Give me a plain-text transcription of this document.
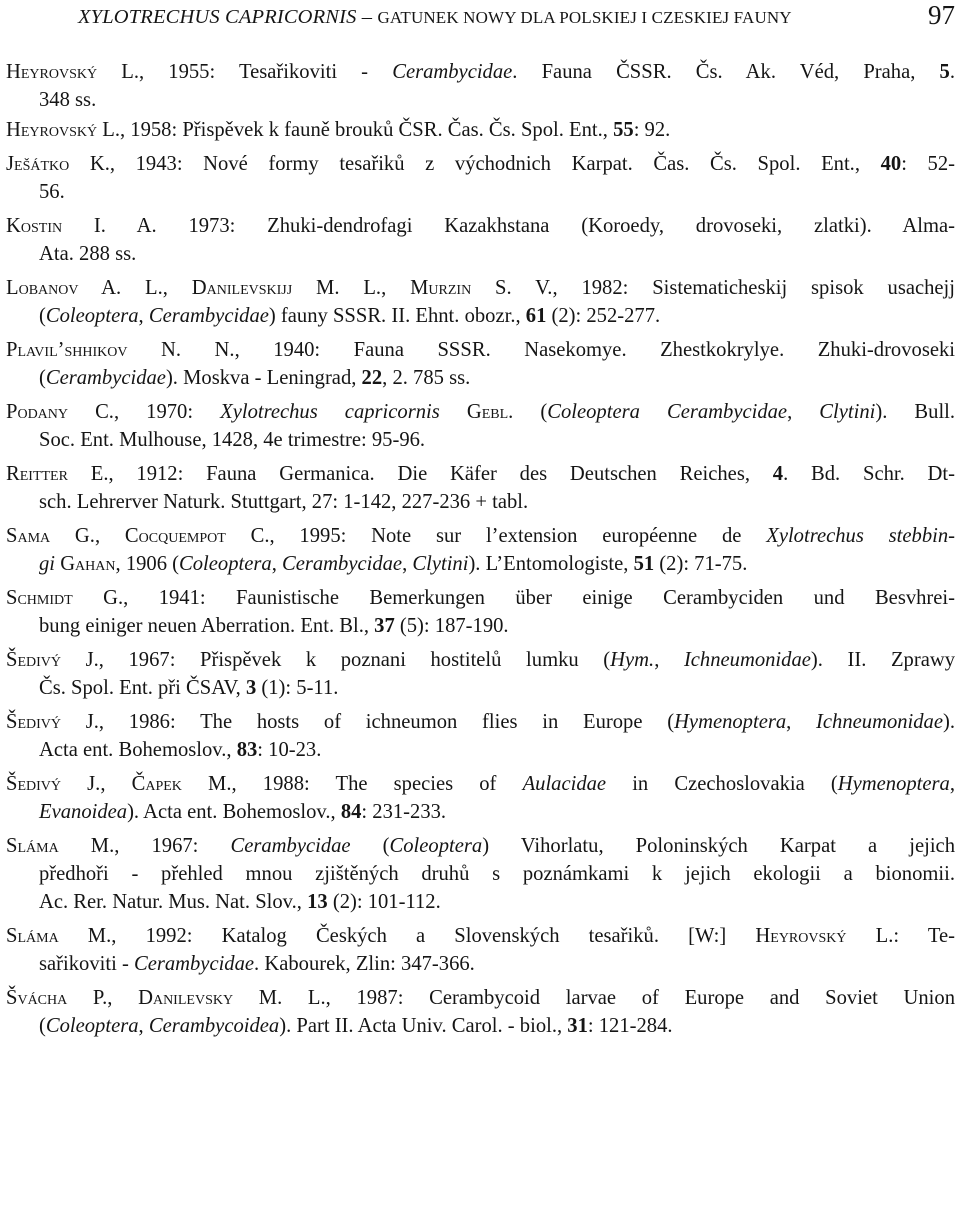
XYLOTRECHUS CAPRICORNIS – GATUNEK NOWY DLA POLSKIEJ I CZESKIEJ FAUNY	97
Heyrovský L., 1955: Tesařikoviti - Cerambycidae. Fauna ČSSR. Čs. Ak. Véd, Praha, 5.
348 ss.
Heyrovský L., 1958: Přispěvek k fauně brouků ČSR. Čas. Čs. Spol. Ent., 55: 92.
Ješátko K., 1943: Nové formy tesařiků z východnich Karpat. Čas. Čs. Spol. Ent., 40: 52-
56.
Kostin I. A. 1973: Zhuki-dendrofagi Kazakhstana (Koroedy, drovoseki, zlatki). Alma-
Ata. 288 ss.
Lobanov A. L., Danilevskijj M. L., Murzin S. V., 1982: Sistematicheskij spisok usachejj
(Coleoptera, Cerambycidae) fauny SSSR. II. Ehnt. obozr., 61 (2): 252-277.
Plavil’shhikov N. N., 1940: Fauna SSSR. Nasekomye. Zhestkokrylye. Zhuki-drovoseki
(Cerambycidae). Moskva - Leningrad, 22, 2. 785 ss.
Podany C., 1970: Xylotrechus capricornis Gebl. (Coleoptera Cerambycidae, Clytini). Bull.
Soc. Ent. Mulhouse, 1428, 4e trimestre: 95-96.
Reitter E., 1912: Fauna Germanica. Die Käfer des Deutschen Reiches, 4. Bd. Schr. Dt-
sch. Lehrerver Naturk. Stuttgart, 27: 1-142, 227-236 + tabl.
Sama G., Cocquempot C., 1995: Note sur l’extension européenne de Xylotrechus stebbin-
gi Gahan, 1906 (Coleoptera, Cerambycidae, Clytini). L’Entomologiste, 51 (2): 71-75.
Schmidt G., 1941: Faunistische Bemerkungen über einige Cerambyciden und Besvhrei-
bung einiger neuen Aberration. Ent. Bl., 37 (5): 187-190.
Šedivý J., 1967: Přispěvek k poznani hostitelů lumku (Hym., Ichneumonidae). II. Zprawy
Čs. Spol. Ent. při ČSAV, 3 (1): 5-11.
Šedivý J., 1986: The hosts of ichneumon flies in Europe (Hymenoptera, Ichneumonidae).
Acta ent. Bohemoslov., 83: 10-23.
Šedivý J., Čapek M., 1988: The species of Aulacidae in Czechoslovakia (Hymenoptera,
Evanoidea). Acta ent. Bohemoslov., 84: 231-233.
Sláma M., 1967: Cerambycidae (Coleoptera) Vihorlatu, Poloninských Karpat a jejich
předhoři - přehled mnou zjištěných druhů s poznámkami k jejich ekologii a bionomii.
Ac. Rer. Natur. Mus. Nat. Slov., 13 (2): 101-112.
Sláma M., 1992: Katalog Českých a Slovenských tesařiků. [W:] Heyrovský L.: Te-
sařikoviti - Cerambycidae. Kabourek, Zlin: 347-366.
Švácha P., Danilevsky M. L., 1987: Cerambycoid larvae of Europe and Soviet Union
(Coleoptera, Cerambycoidea). Part II. Acta Univ. Carol. - biol., 31: 121-284.
